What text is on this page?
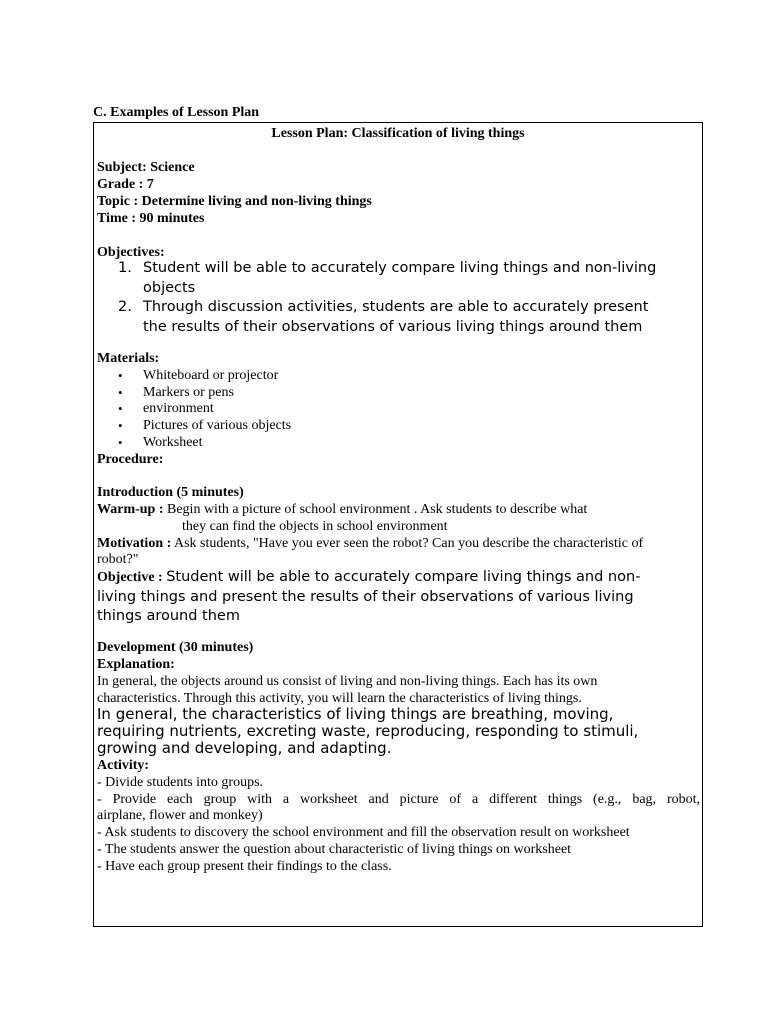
C. Examples of Lesson Plan
Lesson Plan: Classification of living things
Subject: Science
Grade : 7
Topic : Determine living and non-living things
Time : 90 minutes
Objectives:
1. Student will be able to accurately compare living things and non-living
objects
2. Through discussion activities, students are able to accurately present
the results of their observations of various living things around them
Materials:
• Whiteboard or projector
• Markers or pens
• environment
• Pictures of various objects
• Worksheet
Procedure:
Introduction (5 minutes)
Warm-up : Begin with a picture of school environment . Ask students to describe what
they can find the objects in school environment
Motivation : Ask students, "Have you ever seen the robot? Can you describe the characteristic of
robot?"
Objective : Student will be able to accurately compare living things and non-
living things and present the results of their observations of various living
things around them
Development (30 minutes)
Explanation:
In general, the objects around us consist of living and non-living things. Each has its own
characteristics. Through this activity, you will learn the characteristics of living things.
In general, the characteristics of living things are breathing, moving,
requiring nutrients, excreting waste, reproducing, responding to stimuli,
growing and developing, and adapting.
Activity:
- Divide students into groups.
- Provide each group with a worksheet and picture of a different things (e.g., bag, robot,
airplane, flower and monkey)
- Ask students to discovery the school environment and fill the observation result on worksheet
- The students answer the question about characteristic of living things on worksheet
- Have each group present their findings to the class.
